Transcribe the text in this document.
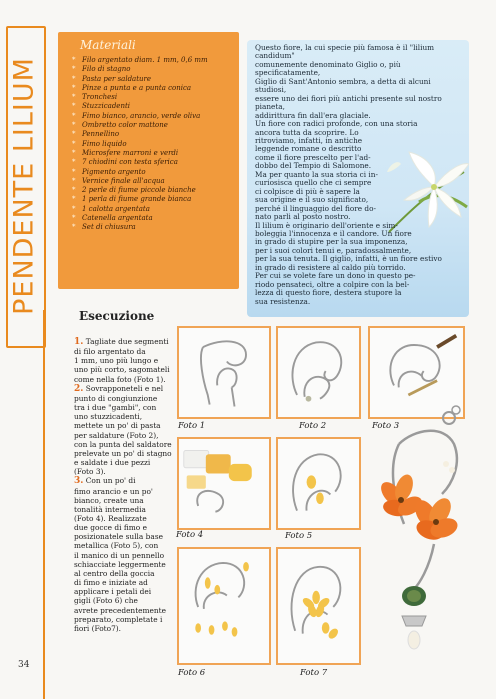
PENDENTE LILIUM
Materiali
* Filo argentato diam. 1 mm, 0,6 mm
* Filo di stagno
* Pasta per saldature
* Pinze a punta e a punta conica
* Tronchesi
* Stuzzicadenti
* Fimo bianco, arancio, verde oliva
* Ombretto color mattone
* Pennellino
* Fimo liquido
* Microsfere marroni e verdi
* 7 chiodini con testa sferica
* Pigmento argento
* Vernice finale all'acqua
* 2 perle di fiume piccole bianche
* 1 perla di fiume grande bianca
* 1 calotta argentata
* Catenella argentata
* Set di chiusura
Questo fiore, la cui specie più famosa è il "lilium candidum"
comunemente denominato Giglio o, più specificatamente,
Giglio di Sant'Antonio sembra, a detta di alcuni studiosi,
essere uno dei fiori più antichi presente sul nostro pianeta,
addirittura fin dall'era glaciale.
Un fiore con radici profonde, con una storia
ancora tutta da scoprire. Lo
ritroviamo, infatti, in antiche
leggende romane o descritto
come il fiore prescelto per l'ad-
dobbo del Tempio di Salomone.
Ma per quanto la sua storia ci in-
curiosisca quello che ci sempre
ci colpisce di più è sapere la
sua origine e il suo significato,
perché il linguaggio del fiore do-
nato parli al posto nostro.
Il lilium è originario dell'oriente e sim-
boleggia l'innocenza e il candore. Un fiore
in grado di stupire per la sua imponenza,
per i suoi colori tenui e, paradossalmente,
per la sua tenuta. Il giglio, infatti, è un fiore estivo
in grado di resistere al caldo più torrido.
Per cui se volete fare un dono in questo pe-
riodo pensateci, oltre a colpire con la bel-
lezza di questo fiore, destera stupore la
sua resistenza.
Esecuzione
1. Tagliate due segmenti
di filo argentato da
1 mm, uno più lungo e
uno più corto, sagomateli
come nella foto (Foto 1).
2. Sovrapponeteli e nel
punto di congiunzione
tra i due "gambi", con
uno stuzzicadenti,
mettete un po' di pasta
per saldature (Foto 2),
con la punta del saldatore
prelevate un po' di stagno
e saldate i due pezzi
(Foto 3).
3. Con un po' di
fimo arancio e un po'
bianco, create una
tonalità intermedia
(Foto 4). Realizzate
due gocce di fimo e
posizionatele sulla base
metallica (Foto 5), con
il manico di un pennello
schiacciate leggermente
al centro della goccia
di fimo e iniziate ad
applicare i petali dei
gigli (Foto 6) che
avrete precedentemente
preparato, completate i
fiori (Foto7).
Foto 1	Foto 2	Foto 3
Foto 4	Foto 5
Foto 6	Foto 7
34
